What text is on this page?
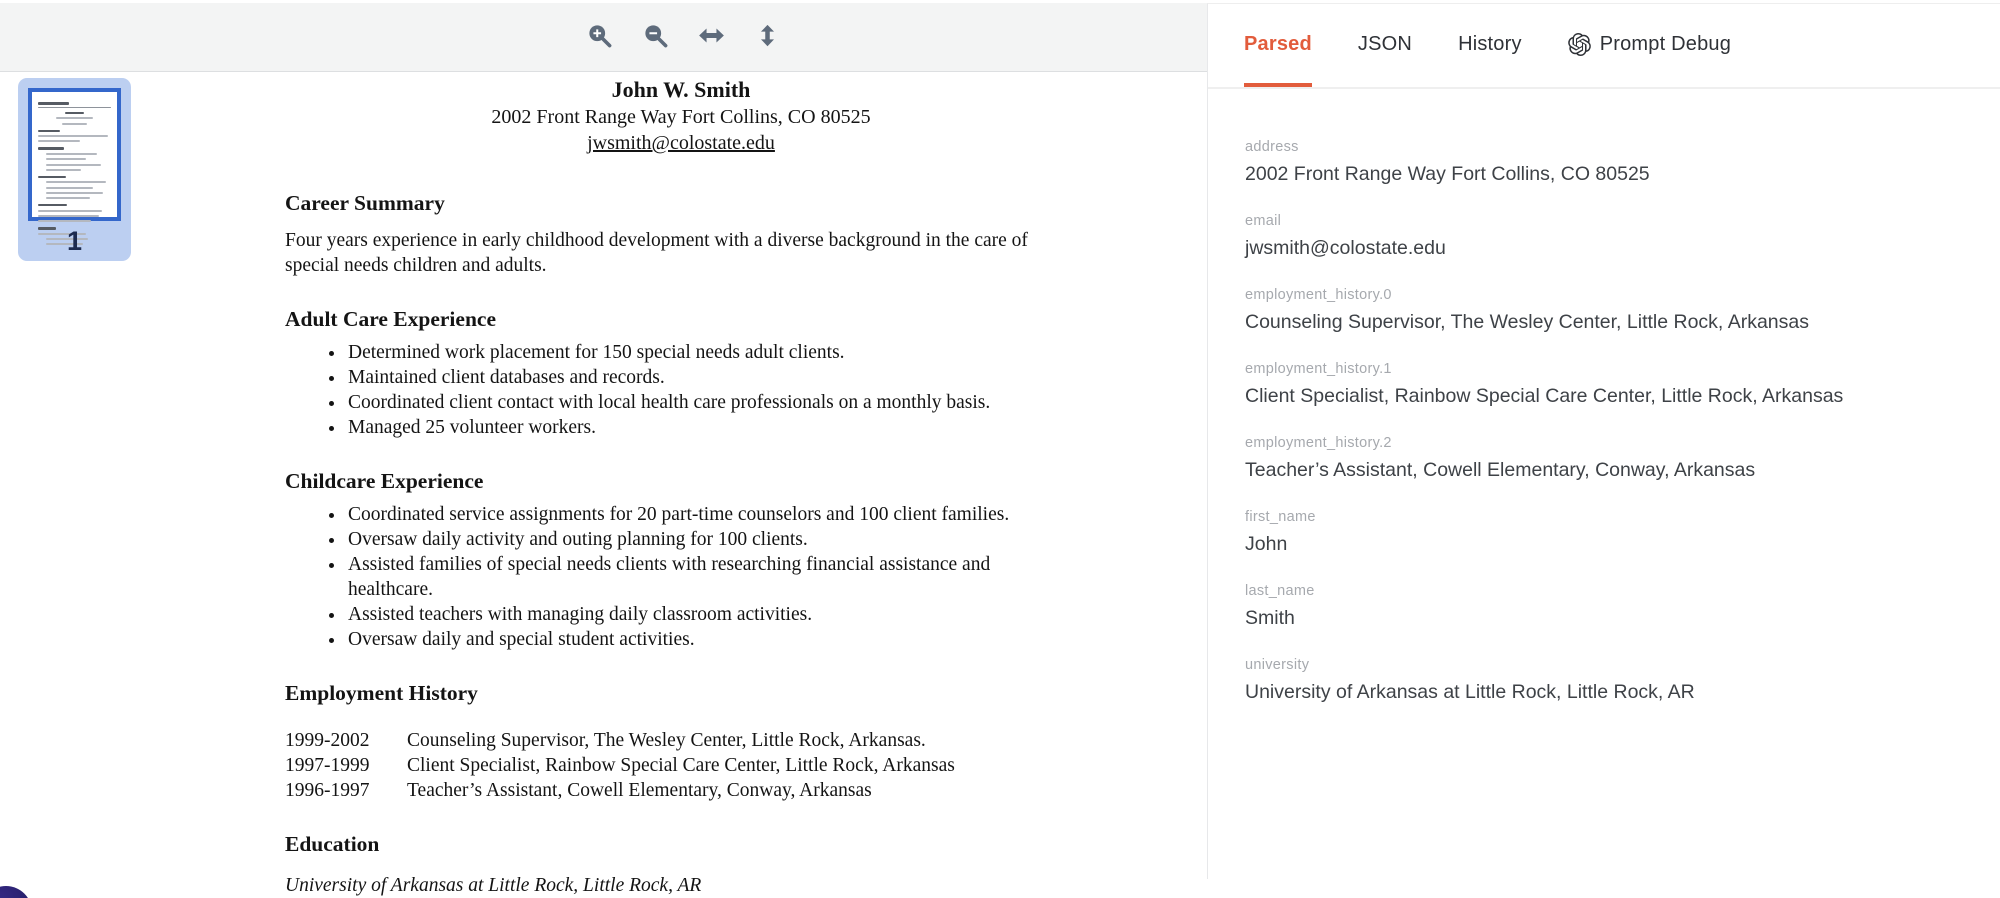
1
John W. Smith
2002 Front Range Way Fort Collins, CO 80525
jwsmith@colostate.edu
Career Summary

Four years experience in early childhood development with a diverse background in the care of special needs children and adults.

Adult Care Experience
• Determined work placement for 150 special needs adult clients.
• Maintained client databases and records.
• Coordinated client contact with local health care professionals on a monthly basis.
• Managed 25 volunteer workers.
Childcare Experience
• Coordinated service assignments for 20 part-time counselors and 100 client families.
• Oversaw daily activity and outing planning for 100 clients.
• Assisted families of special needs clients with researching financial assistance and healthcare.
• Assisted teachers with managing daily classroom activities.
• Oversaw daily and special student activities.
Employment History
1999-2002	Counseling Supervisor, The Wesley Center, Little Rock, Arkansas.
1997-1999	Client Specialist, Rainbow Special Care Center, Little Rock, Arkansas
1996-1997	Teacher’s Assistant, Cowell Elementary, Conway, Arkansas
Education
University of Arkansas at Little Rock, Little Rock, AR
Parsed JSON History	Prompt Debug
address
2002 Front Range Way Fort Collins, CO 80525
email
jwsmith@colostate.edu
employment_history.0
Counseling Supervisor, The Wesley Center, Little Rock, Arkansas
employment_history.1
Client Specialist, Rainbow Special Care Center, Little Rock, Arkansas
employment_history.2
Teacher’s Assistant, Cowell Elementary, Conway, Arkansas
first_name
John
last_name
Smith
university
University of Arkansas at Little Rock, Little Rock, AR
